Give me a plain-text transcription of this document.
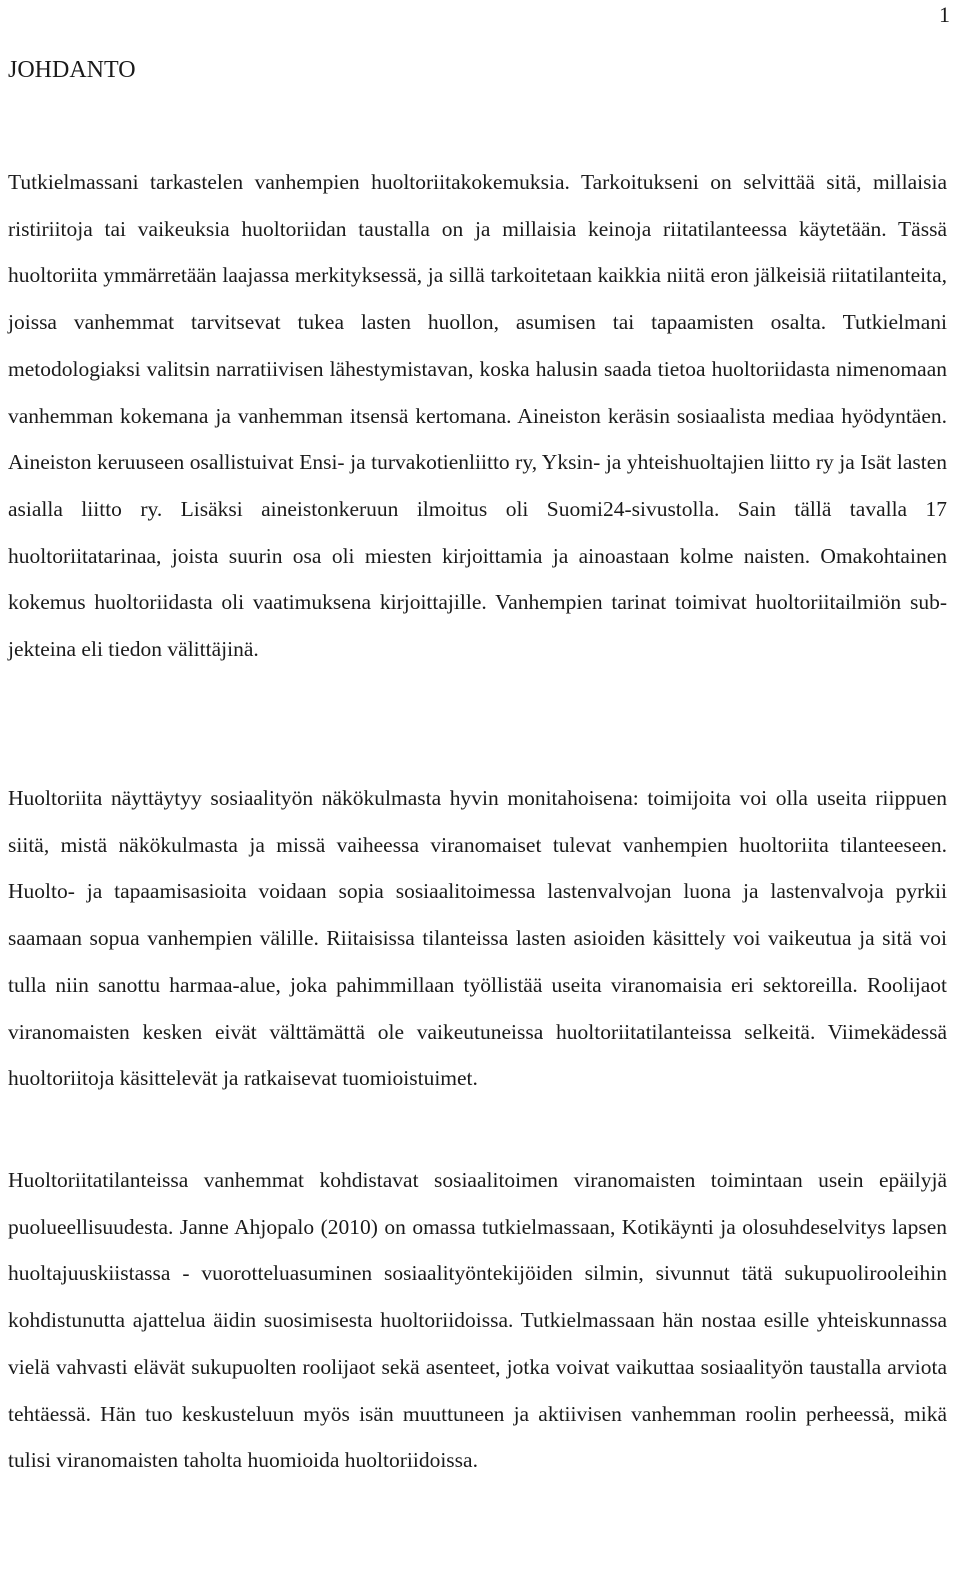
1
JOHDANTO

Tutkielmassani tarkastelen vanhempien huoltoriitakokemuksia. Tarkoitukseni on selvittää sitä, millaisia ristiriitoja tai vaikeuksia huoltoriidan taustalla on ja millaisia keinoja riitatilanteessa käytetään. Tässä huoltoriita ymmärretään laajassa merkityksessä, ja sillä tarkoitetaan kaikkia niitä eron jälkeisiä riitatilanteita, joissa vanhemmat tarvitsevat tukea lasten huollon, asumisen tai tapaamisten osalta. Tutkielmani metodologiaksi valitsin narratiivisen lähestymistavan, koska halusin saada tietoa huoltoriidasta nimenomaan vanhemman kokemana ja vanhemman itsensä kertomana. Aineiston keräsin sosiaalista mediaa hyödyntäen. Aineiston keruuseen osallistuivat Ensi- ja turvakotienliitto ry, Yksin- ja yhteishuoltajien liitto ry ja Isät lasten asialla liitto ry. Lisäksi aineistonkeruun ilmoitus oli Suomi24-sivustolla. Sain tällä tavalla 17 huoltoriitatarinaa, joista suurin osa oli miesten kirjoittamia ja ainoastaan kolme naisten. Omakohtainen kokemus huoltoriidasta oli vaatimuksena kirjoittajille. Vanhempien tarinat toimivat huoltoriitailmiön subjekteina eli tiedon välittäjinä.

Huoltoriita näyttäytyy sosiaalityön näkökulmasta hyvin monitahoisena: toimijoita voi olla useita riippuen siitä, mistä näkökulmasta ja missä vaiheessa viranomaiset tulevat vanhempien huoltoriita tilanteeseen. Huolto- ja tapaamisasioita voidaan sopia sosiaalitoimessa lastenvalvojan luona ja lastenvalvoja pyrkii saamaan sopua vanhempien välille. Riitaisissa tilanteissa lasten asioiden käsittely voi vaikeutua ja sitä voi tulla niin sanottu harmaa-alue, joka pahimmillaan työllistää useita viranomaisia eri sektoreilla. Roolijaot viranomaisten kesken eivät välttämättä ole vaikeutuneissa huoltoriitatilanteissa selkeitä. Viimekädessä huoltoriitoja käsittelevät ja ratkaisevat tuomioistuimet.

Huoltoriitatilanteissa vanhemmat kohdistavat sosiaalitoimen viranomaisten toimintaan usein epäilyjä puolueellisuudesta. Janne Ahjopalo (2010) on omassa tutkielmassaan, Kotikäynti ja olosuhdeselvitys lapsen huoltajuuskiistassa - vuorotteluasuminen sosiaalityöntekijöiden silmin, sivunnut tätä sukupuolirooleihin kohdistunutta ajattelua äidin suosimisesta huoltoriidoissa. Tutkielmassaan hän nostaa esille yhteiskunnassa vielä vahvasti elävät sukupuolten roolijaot sekä asenteet, jotka voivat vaikuttaa sosiaalityön taustalla arviota tehtäessä. Hän tuo keskusteluun myös isän muuttuneen ja aktiivisen vanhemman roolin perheessä, mikä tulisi viranomaisten taholta huomioida huoltoriidoissa.
